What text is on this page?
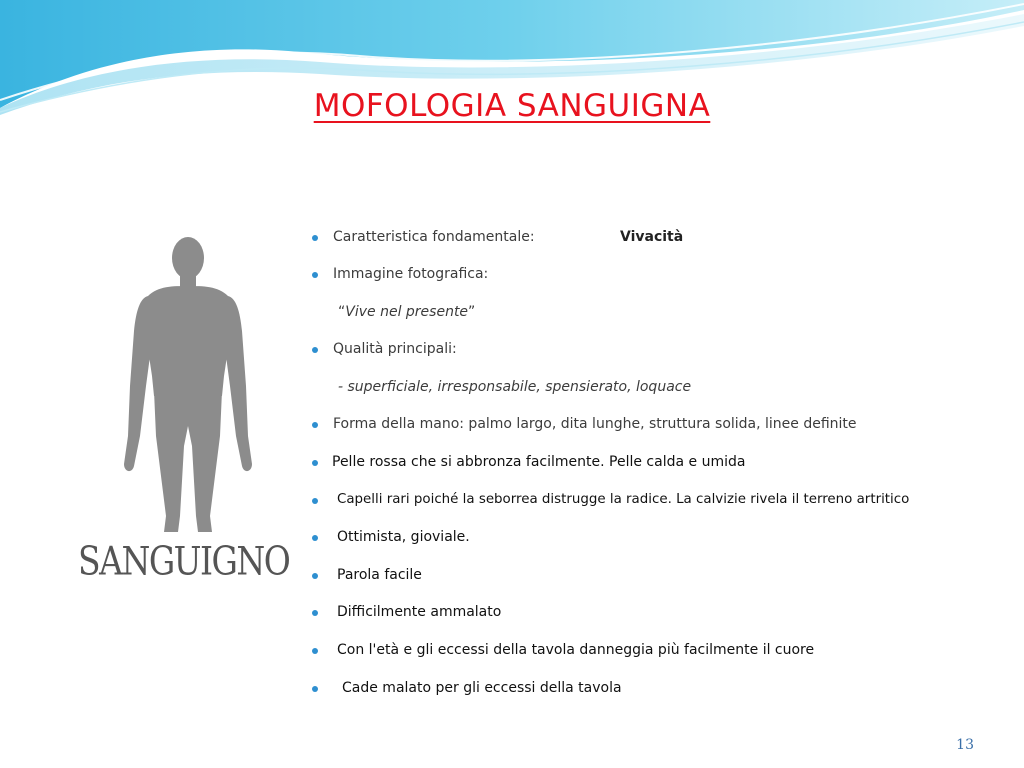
MOFOLOGIA SANGUIGNA
SANGUIGNO
Caratteristica fondamentale:	Vivacità
Immagine fotografica:
“Vive nel presente”
Qualità principali:
- superficiale, irresponsabile, spensierato, loquace
Forma della mano: palmo largo, dita lunghe, struttura solida, linee definite
Pelle rossa che si abbronza facilmente. Pelle calda e umida
Capelli rari poiché la seborrea distrugge la radice. La calvizie rivela il terreno artritico
Ottimista, gioviale.
Parola facile
Difficilmente ammalato
Con l'età e gli eccessi della tavola danneggia più facilmente il cuore
Cade malato per gli eccessi della tavola
13
